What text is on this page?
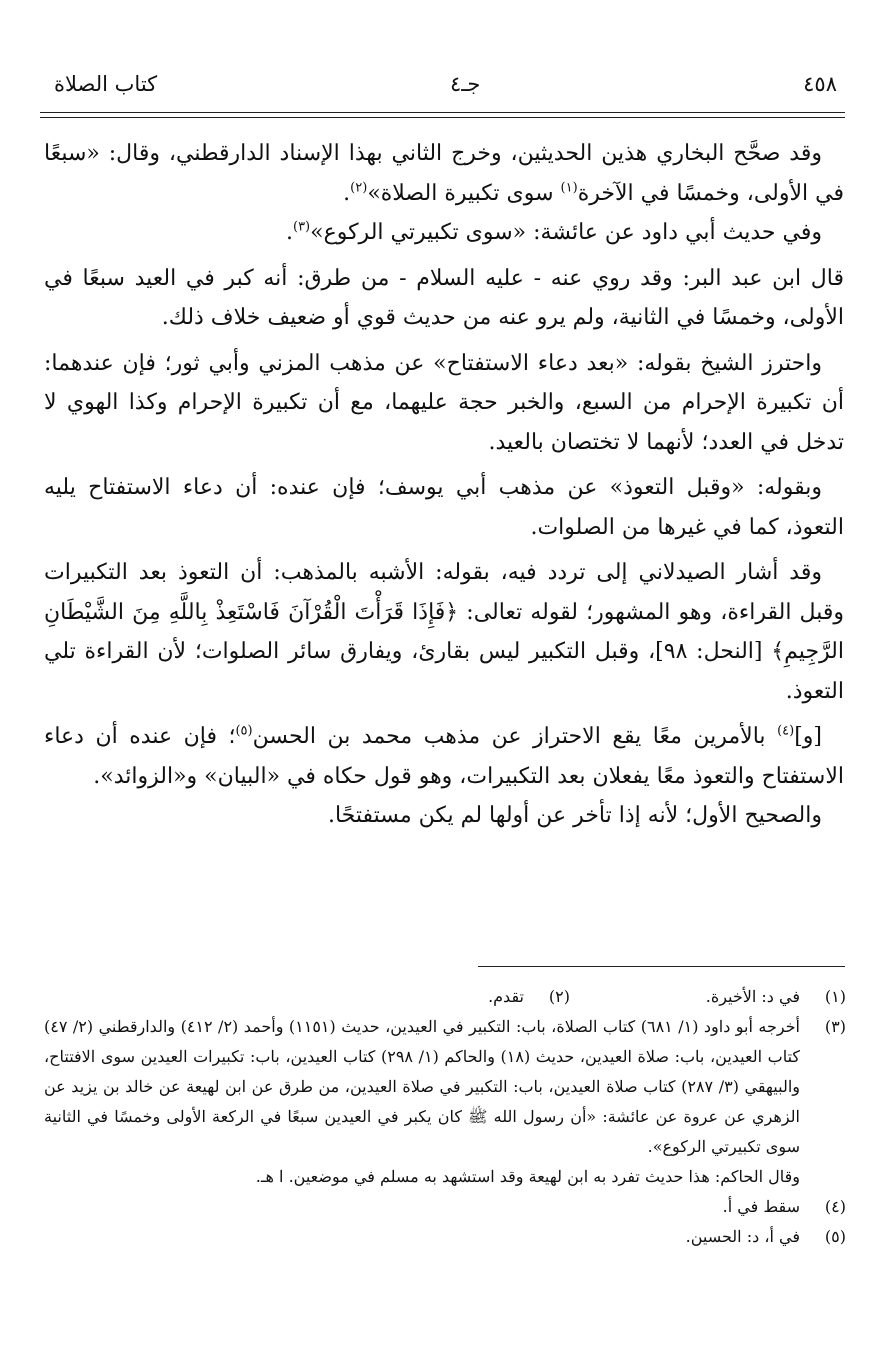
٤٥٨
جـ٤
كتاب الصلاة

وقد صحَّح البخاري هذين الحديثين، وخرج الثاني بهذا الإسناد الدارقطني، وقال: «سبعًا في الأولى، وخمسًا في الآخرة$^{(١)}$ سوى تكبيرة الصلاة»$^{(٢)}$.

وفي حديث أبي داود عن عائشة: «سوى تكبيرتي الركوع»$^{(٣)}$.

قال ابن عبد البر: وقد روي عنه - عليه السلام - من طرق: أنه كبر في العيد سبعًا في الأولى، وخمسًا في الثانية، ولم يرو عنه من حديث قوي أو ضعيف خلاف ذلك.

واحترز الشيخ بقوله: «بعد دعاء الاستفتاح» عن مذهب المزني وأبي ثور؛ فإن عندهما: أن تكبيرة الإحرام من السبع، والخبر حجة عليهما، مع أن تكبيرة الإحرام وكذا الهوي لا تدخل في العدد؛ لأنهما لا تختصان بالعيد.

وبقوله: «وقبل التعوذ» عن مذهب أبي يوسف؛ فإن عنده: أن دعاء الاستفتاح يليه التعوذ، كما في غيرها من الصلوات.

وقد أشار الصيدلاني إلى تردد فيه، بقوله: الأشبه بالمذهب: أن التعوذ بعد التكبيرات وقبل القراءة، وهو المشهور؛ لقوله تعالى: ﴿فَإِذَا قَرَأْتَ الْقُرْآنَ فَاسْتَعِذْ بِاللَّهِ مِنَ الشَّيْطَانِ الرَّجِيمِ﴾ [النحل: ٩٨]، وقبل التكبير ليس بقارئ، ويفارق سائر الصلوات؛ لأن القراءة تلي التعوذ.

[و]$^{(٤)}$ بالأمرين معًا يقع الاحتراز عن مذهب محمد بن الحسن$^{(٥)}$؛ فإن عنده أن دعاء الاستفتاح والتعوذ معًا يفعلان بعد التكبيرات، وهو قول حكاه في «البيان» و«الزوائد».

والصحيح الأول؛ لأنه إذا تأخر عن أولها لم يكن مستفتحًا.

(١)
في د: الأخيرة.
(٢)
تقدم.
(٣)
أخرجه أبو داود (١/ ٦٨١) كتاب الصلاة، باب: التكبير في العيدين، حديث (١١٥١) وأحمد (٢/ ٤١٢) والدارقطني (٢/ ٤٧) كتاب العيدين، باب: صلاة العيدين، حديث (١٨) والحاكم (١/ ٢٩٨) كتاب العيدين، باب: تكبيرات العيدين سوى الافتتاح، والبيهقي (٣/ ٢٨٧) كتاب صلاة العيدين، باب: التكبير في صلاة العيدين، من طرق عن ابن لهيعة عن خالد بن يزيد عن الزهري عن عروة عن عائشة: «أن رسول الله ﷺ كان يكبر في العيدين سبعًا في الركعة الأولى وخمسًا في الثانية سوى تكبيرتي الركوع».
وقال الحاكم: هذا حديث تفرد به ابن لهيعة وقد استشهد به مسلم في موضعين. ا هـ.
(٤)
سقط في أ.
(٥)
في أ، د: الحسين.
